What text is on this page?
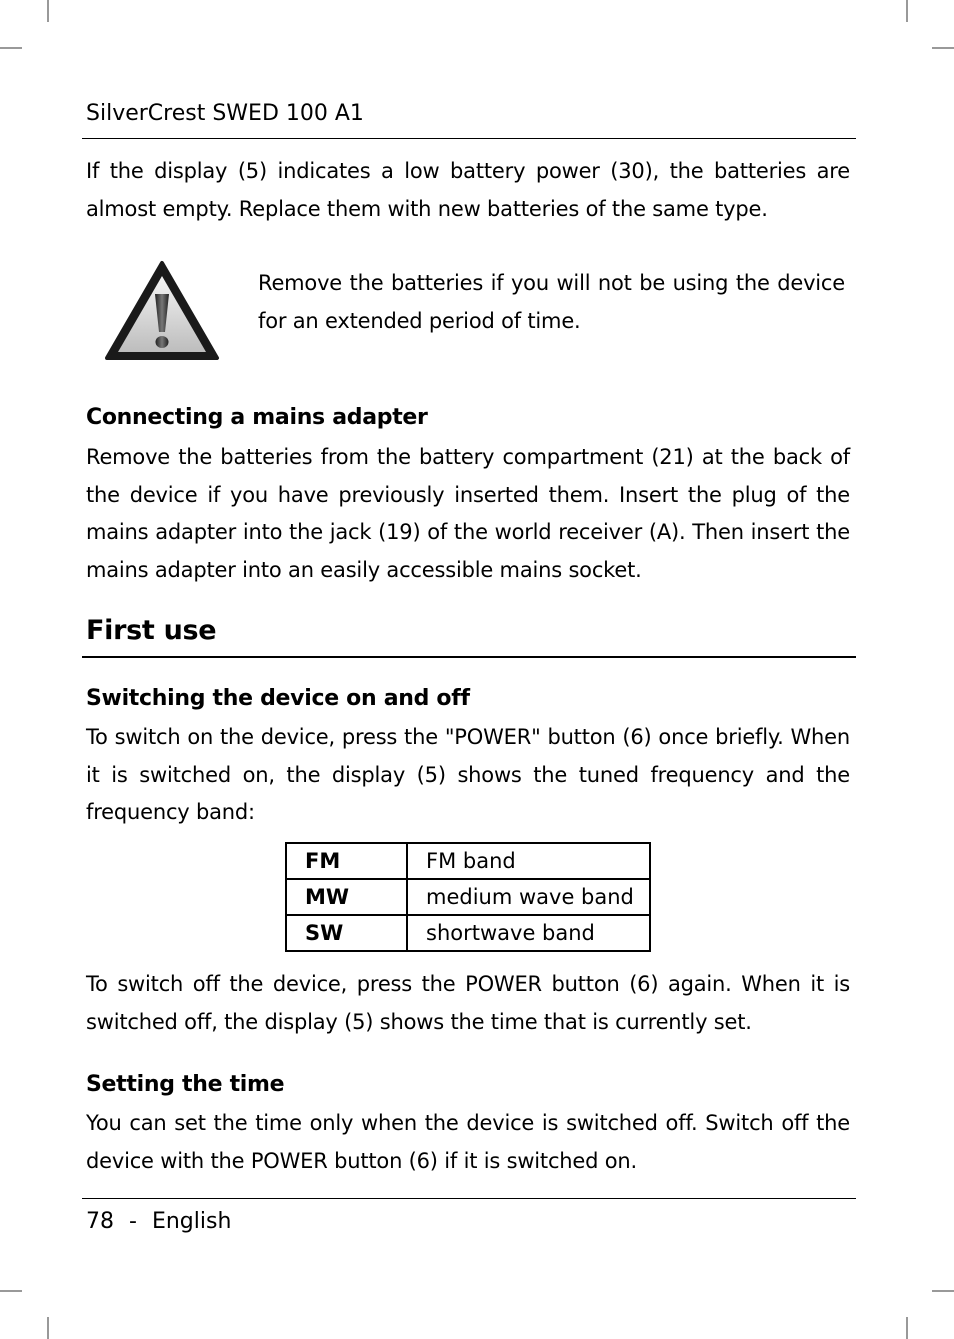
SilverCrest SWED 100 A1
If the display (5) indicates a low battery power (30), the batteries are almost empty. Replace them with new batteries of the same type.
Remove the batteries if you will not be using the device for an extended period of time.
Connecting a mains adapter
Remove the batteries from the battery compartment (21) at the back of the device if you have previously inserted them. Insert the plug of the mains adapter into the jack (19) of the world receiver (A). Then insert the mains adapter into an easily accessible mains socket.
First use
Switching the device on and off
To switch on the device, press the "POWER" button (6) once briefly. When it is switched on, the display (5) shows the tuned frequency and the frequency band:
FM	FM band
MW	medium wave band
SW	shortwave band
To switch off the device, press the POWER button (6) again. When it is switched off, the display (5) shows the time that is currently set.
Setting the time
You can set the time only when the device is switched off. Switch off the device with the POWER button (6) if it is switched on.
78 - English
